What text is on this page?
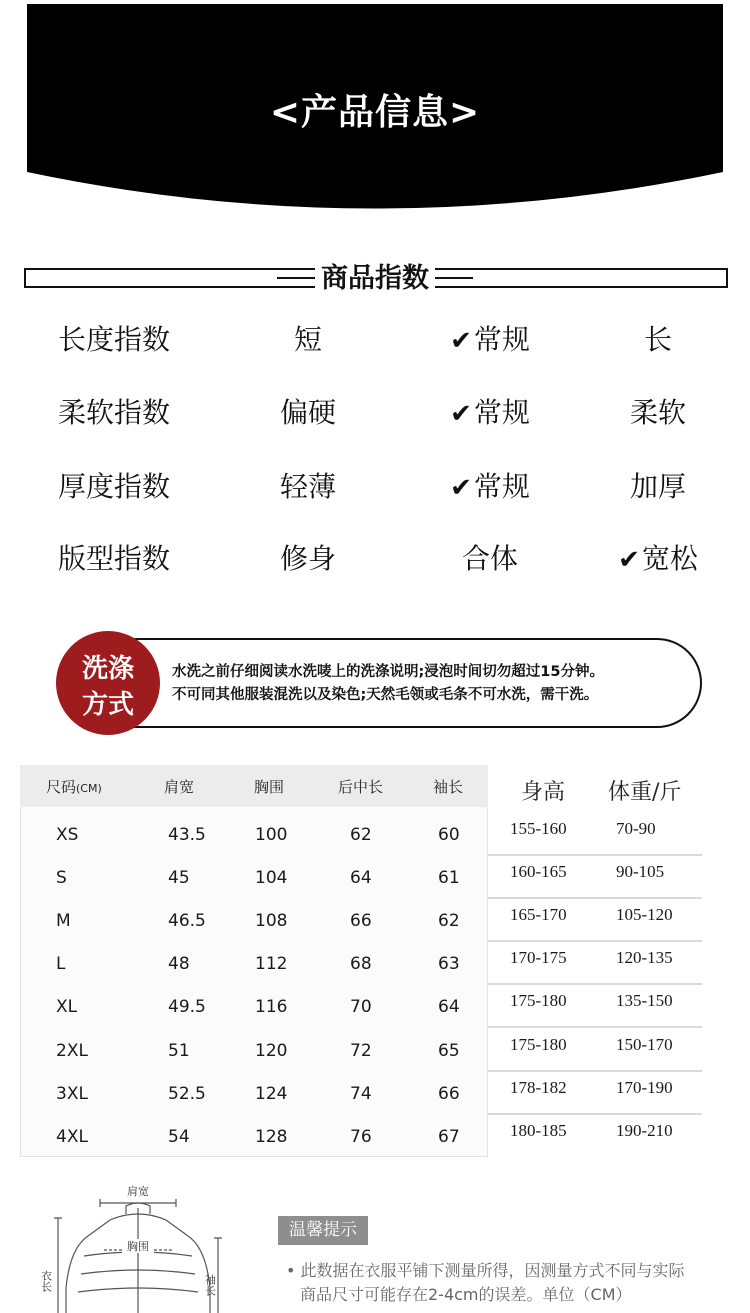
<产品信息>
商品指数
长度指数	短	✔常规	长
柔软指数	偏硬	✔常规	柔软
厚度指数	轻薄	✔常规	加厚
版型指数	修身	合体	✔宽松
洗涤
方式
水洗之前仔细阅读水洗唛上的洗涤说明;浸泡时间切勿超过15分钟。
不可同其他服装混洗以及染色;天然毛领或毛条不可水洗，需干洗。
尺码(CM)	肩宽	胸围	后中长	袖长	身高 体重/斤
XS	43.5	100	62	60	155-160	70-90
S	45	104	64	61	160-165	90-105
M	46.5	108	66	62	165-170	105-120
L	48	112	68	63	170-175	120-135
XL	49.5	116	70	64	175-180	135-150
2XL	51	120	72	65	175-180	150-170
3XL	52.5	124	74	66	178-182	170-190
4XL	54	128	76	67	180-185	190-210
肩宽
胸围
衣长	袖长
温馨提示
• 此数据在衣服平铺下测量所得，因测量方式不同与实际
商品尺寸可能存在2-4cm的误差。单位（CM）
